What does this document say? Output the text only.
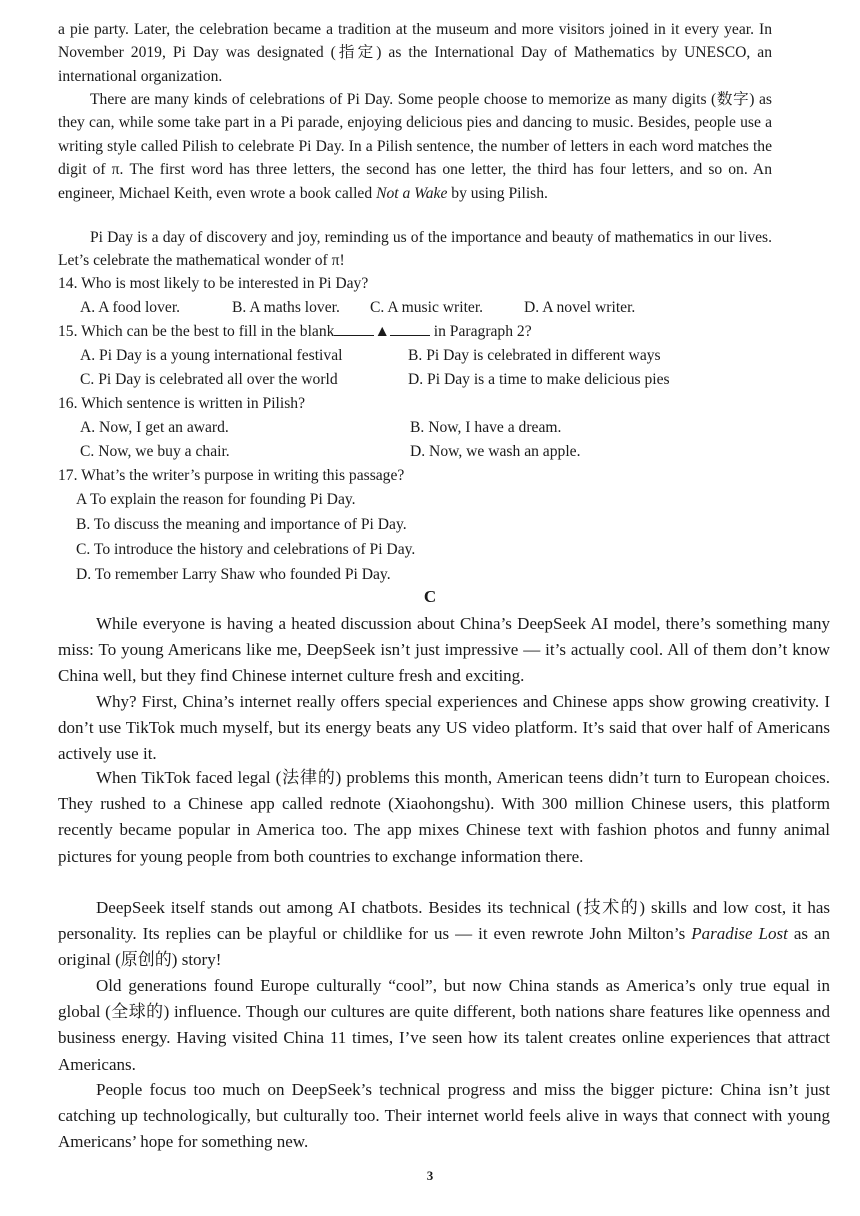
a pie party. Later, the celebration became a tradition at the museum and more visitors joined in it every year. In November 2019, Pi Day was designated (指定) as the International Day of Mathematics by UNESCO, an international organization.

There are many kinds of celebrations of Pi Day. Some people choose to memorize as many digits (数字) as they can, while some take part in a Pi parade, enjoying delicious pies and dancing to music. Besides, people use a writing style called Pilish to celebrate Pi Day. In a Pilish sentence, the number of letters in each word matches the digit of π. The first word has three letters, the second has one letter, the third has four letters, and so on. An engineer, Michael Keith, even wrote a book called Not a Wake by using Pilish.

Pi Day is a day of discovery and joy, reminding us of the importance and beauty of mathematics in our lives. Let’s celebrate the mathematical wonder of π!

14. Who is most likely to be interested in Pi Day?
A. A food lover.	B. A maths lover. C. A music writer.	D. A novel writer.
15. Which can be the best to fill in the blank	▲	in Paragraph 2?
A. Pi Day is a young international festival	B. Pi Day is celebrated in different ways
C. Pi Day is celebrated all over the world	D. Pi Day is a time to make delicious pies
16. Which sentence is written in Pilish?
A. Now, I get an award.	B. Now, I have a dream.
C. Now, we buy a chair.	D. Now, we wash an apple.
17. What’s the writer’s purpose in writing this passage?
A To explain the reason for founding Pi Day.
B. To discuss the meaning and importance of Pi Day.
C. To introduce the history and celebrations of Pi Day.
D. To remember Larry Shaw who founded Pi Day.
C

While everyone is having a heated discussion about China’s DeepSeek AI model, there’s something many miss: To young Americans like me, DeepSeek isn’t just impressive — it’s actually cool. All of them don’t know China well, but they find Chinese internet culture fresh and exciting.

Why? First, China’s internet really offers special experiences and Chinese apps show growing creativity. I don’t use TikTok much myself, but its energy beats any US video platform. It’s said that over half of Americans actively use it.

When TikTok faced legal (法律的) problems this month, American teens didn’t turn to European choices. They rushed to a Chinese app called rednote (Xiaohongshu). With 300 million Chinese users, this platform recently became popular in America too. The app mixes Chinese text with fashion photos and funny animal pictures for young people from both countries to exchange information there.

DeepSeek itself stands out among AI chatbots. Besides its technical (技术的) skills and low cost, it has personality. Its replies can be playful or childlike for us — it even rewrote John Milton’s Paradise Lost as an original (原创的) story!

Old generations found Europe culturally “cool”, but now China stands as America’s only true equal in global (全球的) influence. Though our cultures are quite different, both nations share features like openness and business energy. Having visited China 11 times, I’ve seen how its talent creates online experiences that attract Americans.

People focus too much on DeepSeek’s technical progress and miss the bigger picture: China isn’t just catching up technologically, but culturally too. Their internet world feels alive in ways that connect with young Americans’ hope for something new.

3
